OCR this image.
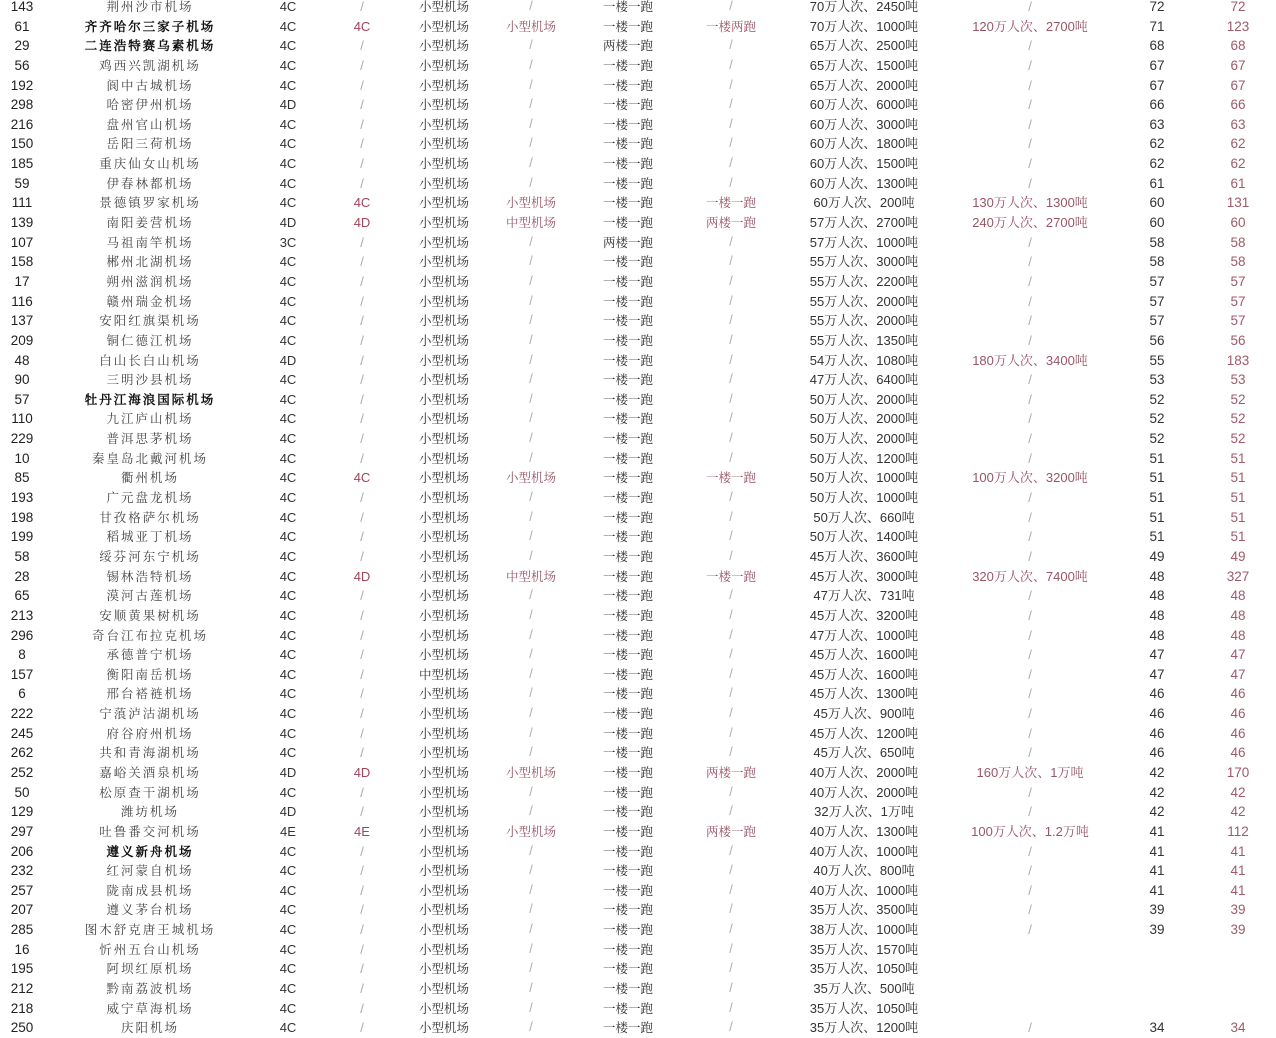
143	荆州沙市机场	4C	/	小型机场	/	一楼一跑	/	70万人次、2450吨	/	72	72
61	齐齐哈尔三家子机场	4C	4C	小型机场	小型机场	一楼一跑	一楼两跑	70万人次、1000吨	120万人次、2700吨	71	123
29	二连浩特赛乌素机场	4C	/	小型机场	/	两楼一跑	/	65万人次、2500吨	/	68	68
56	鸡西兴凯湖机场	4C	/	小型机场	/	一楼一跑	/	65万人次、1500吨	/	67	67
192	阆中古城机场	4C	/	小型机场	/	一楼一跑	/	65万人次、2000吨	/	67	67
298	哈密伊州机场	4D	/	小型机场	/	一楼一跑	/	60万人次、6000吨	/	66	66
216	盘州官山机场	4C	/	小型机场	/	一楼一跑	/	60万人次、3000吨	/	63	63
150	岳阳三荷机场	4C	/	小型机场	/	一楼一跑	/	60万人次、1800吨	/	62	62
185	重庆仙女山机场	4C	/	小型机场	/	一楼一跑	/	60万人次、1500吨	/	62	62
59	伊春林都机场	4C	/	小型机场	/	一楼一跑	/	60万人次、1300吨	/	61	61
111	景德镇罗家机场	4C	4C	小型机场	小型机场	一楼一跑	一楼一跑	60万人次、200吨	130万人次、1300吨	60	131
139	南阳姜营机场	4D	4D	小型机场	中型机场	一楼一跑	两楼一跑	57万人次、2700吨	240万人次、2700吨	60	60
107	马祖南竿机场	3C	/	小型机场	/	两楼一跑	/	57万人次、1000吨	/	58	58
158	郴州北湖机场	4C	/	小型机场	/	一楼一跑	/	55万人次、3000吨	/	58	58
17	朔州滋润机场	4C	/	小型机场	/	一楼一跑	/	55万人次、2200吨	/	57	57
116	赣州瑞金机场	4C	/	小型机场	/	一楼一跑	/	55万人次、2000吨	/	57	57
137	安阳红旗渠机场	4C	/	小型机场	/	一楼一跑	/	55万人次、2000吨	/	57	57
209	铜仁德江机场	4C	/	小型机场	/	一楼一跑	/	55万人次、1350吨	/	56	56
48	白山长白山机场	4D	/	小型机场	/	一楼一跑	/	54万人次、1080吨	180万人次、3400吨	55	183
90	三明沙县机场	4C	/	小型机场	/	一楼一跑	/	47万人次、6400吨	/	53	53
57	牡丹江海浪国际机场	4C	/	小型机场	/	一楼一跑	/	50万人次、2000吨	/	52	52
110	九江庐山机场	4C	/	小型机场	/	一楼一跑	/	50万人次、2000吨	/	52	52
229	普洱思茅机场	4C	/	小型机场	/	一楼一跑	/	50万人次、2000吨	/	52	52
10	秦皇岛北戴河机场	4C	/	小型机场	/	一楼一跑	/	50万人次、1200吨	/	51	51
85	衢州机场	4C	4C	小型机场	小型机场	一楼一跑	一楼一跑	50万人次、1000吨	100万人次、3200吨	51	51
193	广元盘龙机场	4C	/	小型机场	/	一楼一跑	/	50万人次、1000吨	/	51	51
198	甘孜格萨尔机场	4C	/	小型机场	/	一楼一跑	/	50万人次、660吨	/	51	51
199	稻城亚丁机场	4C	/	小型机场	/	一楼一跑	/	50万人次、1400吨	/	51	51
58	绥芬河东宁机场	4C	/	小型机场	/	一楼一跑	/	45万人次、3600吨	/	49	49
28	锡林浩特机场	4C	4D	小型机场	中型机场	一楼一跑	一楼一跑	45万人次、3000吨	320万人次、7400吨	48	327
65	漠河古莲机场	4C	/	小型机场	/	一楼一跑	/	47万人次、731吨	/	48	48
213	安顺黄果树机场	4C	/	小型机场	/	一楼一跑	/	45万人次、3200吨	/	48	48
296	奇台江布拉克机场	4C	/	小型机场	/	一楼一跑	/	47万人次、1000吨	/	48	48
8	承德普宁机场	4C	/	小型机场	/	一楼一跑	/	45万人次、1600吨	/	47	47
157	衡阳南岳机场	4C	/	中型机场	/	一楼一跑	/	45万人次、1600吨	/	47	47
6	邢台褡裢机场	4C	/	小型机场	/	一楼一跑	/	45万人次、1300吨	/	46	46
222	宁蒗泸沽湖机场	4C	/	小型机场	/	一楼一跑	/	45万人次、900吨	/	46	46
245	府谷府州机场	4C	/	小型机场	/	一楼一跑	/	45万人次、1200吨	/	46	46
262	共和青海湖机场	4C	/	小型机场	/	一楼一跑	/	45万人次、650吨	/	46	46
252	嘉峪关酒泉机场	4D	4D	小型机场	小型机场	一楼一跑	两楼一跑	40万人次、2000吨	160万人次、1万吨	42	170
50	松原查干湖机场	4C	/	小型机场	/	一楼一跑	/	40万人次、2000吨	/	42	42
129	潍坊机场	4D	/	小型机场	/	一楼一跑	/	32万人次、1万吨	/	42	42
297	吐鲁番交河机场	4E	4E	小型机场	小型机场	一楼一跑	两楼一跑	40万人次、1300吨	100万人次、1.2万吨	41	112
206	遵义新舟机场	4C	/	小型机场	/	一楼一跑	/	40万人次、1000吨	/	41	41
232	红河蒙自机场	4C	/	小型机场	/	一楼一跑	/	40万人次、800吨	/	41	41
257	陇南成县机场	4C	/	小型机场	/	一楼一跑	/	40万人次、1000吨	/	41	41
207	遵义茅台机场	4C	/	小型机场	/	一楼一跑	/	35万人次、3500吨	/	39	39
285	图木舒克唐王城机场	4C	/	小型机场	/	一楼一跑	/	38万人次、1000吨	/	39	39
16	忻州五台山机场	4C	/	小型机场	/	一楼一跑	/	35万人次、1570吨
195	阿坝红原机场	4C	/	小型机场	/	一楼一跑	/	35万人次、1050吨
212	黔南荔波机场	4C	/	小型机场	/	一楼一跑	/	35万人次、500吨
218	威宁草海机场	4C	/	小型机场	/	一楼一跑	/	35万人次、1050吨
250	庆阳机场	4C	/	小型机场	/	一楼一跑	/	35万人次、1200吨	/	34	34
